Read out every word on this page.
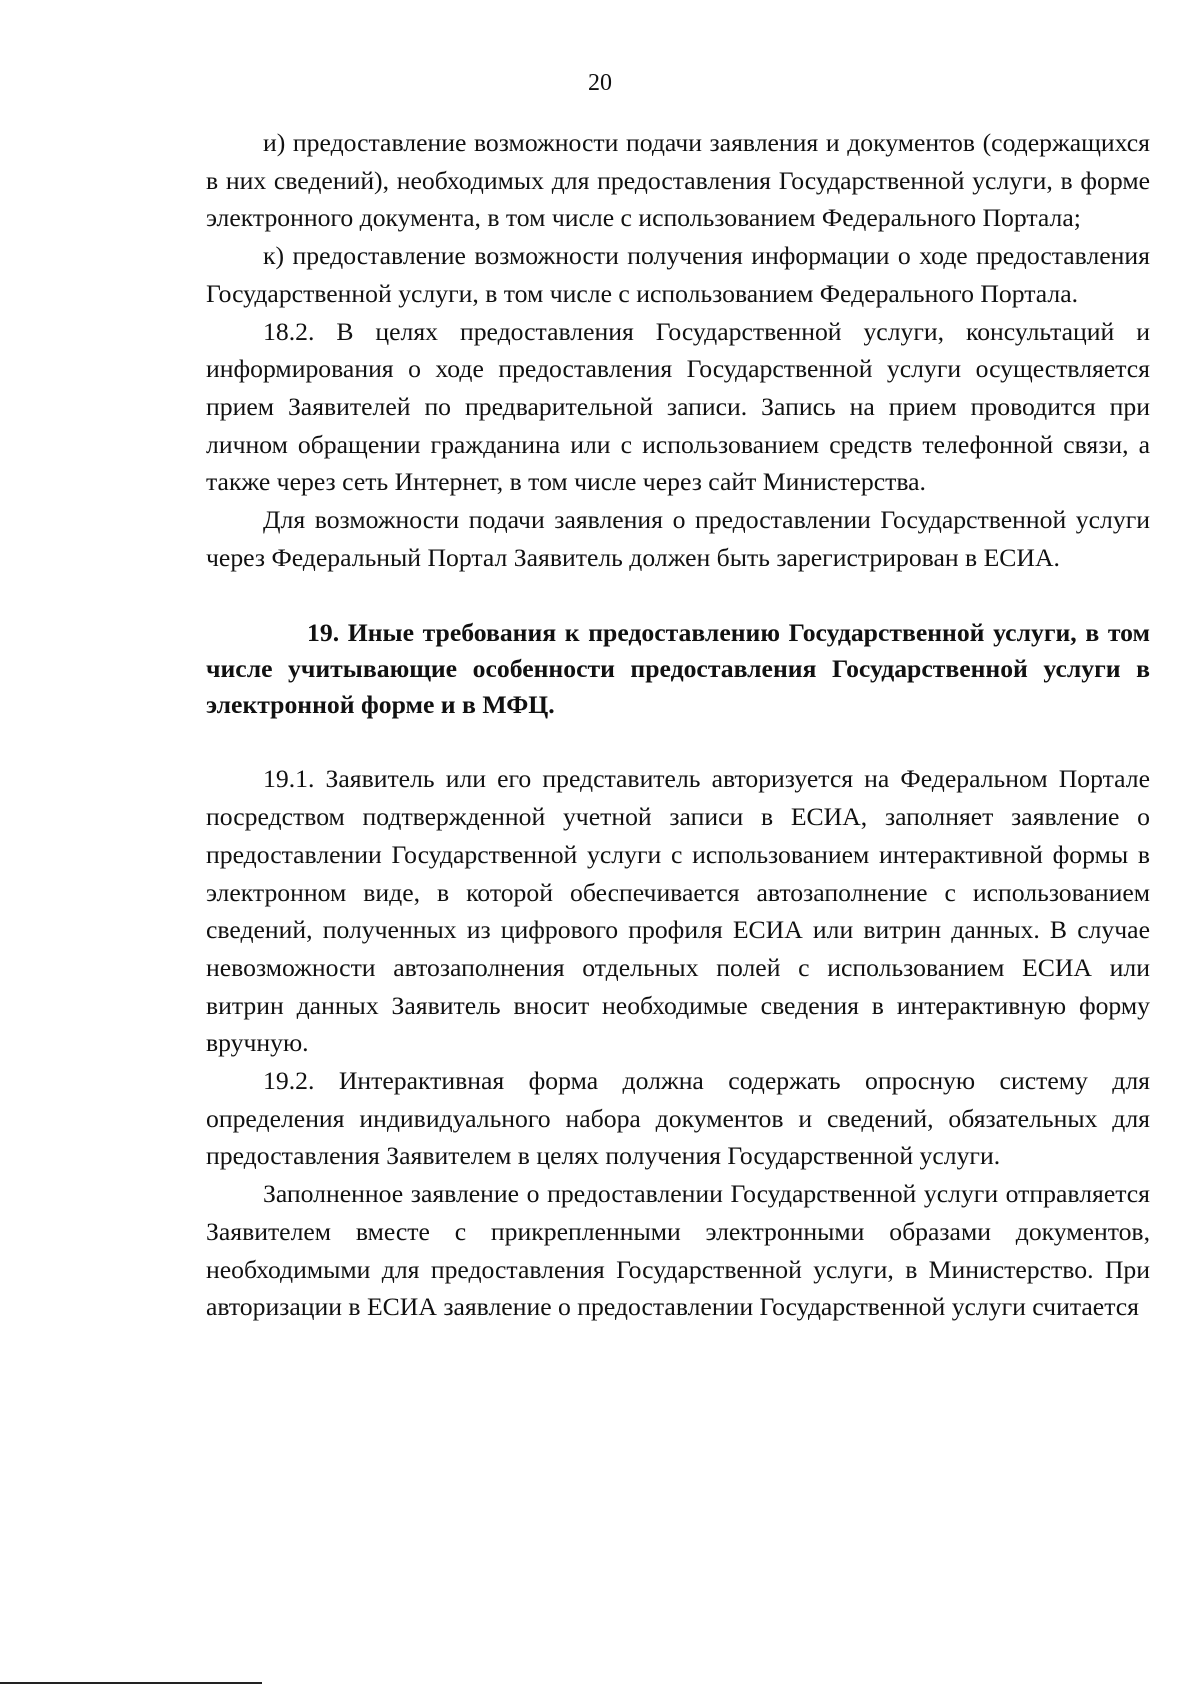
20

и) предоставление возможности подачи заявления и документов (содержащихся в них сведений), необходимых для предоставления Государственной услуги, в форме электронного документа, в том числе с использованием Федерального Портала;

к) предоставление возможности получения информации о ходе предоставления Государственной услуги, в том числе с использованием Федерального Портала.

18.2. В целях предоставления Государственной услуги, консультаций и информирования о ходе предоставления Государственной услуги осуществляется прием Заявителей по предварительной записи. Запись на прием проводится при личном обращении гражданина или с использованием средств телефонной связи, а также через сеть Интернет, в том числе через сайт Министерства.

Для возможности подачи заявления о предоставлении Государственной услуги через Федеральный Портал Заявитель должен быть зарегистрирован в ЕСИА.

19. Иные требования к предоставлению Государственной услуги, в том числе учитывающие особенности предоставления Государственной услуги в электронной форме и в МФЦ.

19.1. Заявитель или его представитель авторизуется на Федеральном Портале посредством подтвержденной учетной записи в ЕСИА, заполняет заявление о предоставлении Государственной услуги с использованием интерактивной формы в электронном виде, в которой обеспечивается автозаполнение с использованием сведений, полученных из цифрового профиля ЕСИА или витрин данных. В случае невозможности автозаполнения отдельных полей с использованием ЕСИА или витрин данных Заявитель вносит необходимые сведения в интерактивную форму вручную.

19.2. Интерактивная форма должна содержать опросную систему для определения индивидуального набора документов и сведений, обязательных для предоставления Заявителем в целях получения Государственной услуги.

Заполненное заявление о предоставлении Государственной услуги отправляется Заявителем вместе с прикрепленными электронными образами документов, необходимыми для предоставления Государственной услуги, в Министерство. При авторизации в ЕСИА заявление о предоставлении Государственной услуги считается
